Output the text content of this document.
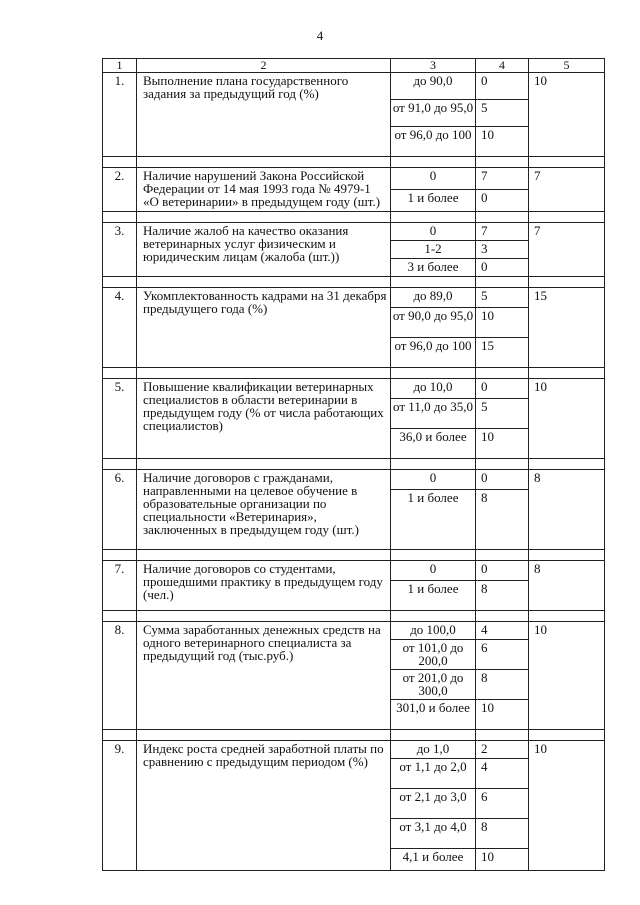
4
1	2	3	4	5
1.	Выполнение плана государственного задания за предыдущий год (%)	до 90,0	0	10
		от 91,0 до 95,0	5	
		от 96,0 до 100	10	

2.	Наличие нарушений Закона Российской Федерации от 14 мая 1993 года № 4979-1 «О ветеринарии» в предыдущем году (шт.)	0	7	7
		1 и более	0	

3.	Наличие жалоб на качество оказания ветеринарных услуг физическим и юридическим лицам (жалоба (шт.))	0	7	7
		1-2	3	
		3 и более	0	

4.	Укомплектованность кадрами на 31 декабря предыдущего года (%)	до 89,0	5	15
		от 90,0 до 95,0	10	
		от 96,0 до 100	15	

5.	Повышение квалификации ветеринарных специалистов в области ветеринарии в предыдущем году (% от числа работающих специалистов)	до 10,0	0	10
		от 11,0 до 35,0	5	
		36,0 и более	10	

6.	Наличие договоров с гражданами, направленными на целевое обучение в образовательные организации по специальности «Ветеринария», заключенных в предыдущем году (шт.)	0	0	8
		1 и более	8	

7.	Наличие договоров со студентами, прошедшими практику в предыдущем году (чел.)	0	0	8
		1 и более	8	

8.	Сумма заработанных денежных средств на одного ветеринарного специалиста за предыдущий год (тыс.руб.)	до 100,0	4	10
		от 101,0 до 200,0	6	
		от 201,0 до 300,0	8	
		301,0 и более	10	

9.	Индекс роста средней заработной платы по сравнению с предыдущим периодом (%)	до 1,0	2	10
		от 1,1 до 2,0	4	
		от 2,1 до 3,0	6	
		от 3,1 до 4,0	8	
		4,1 и более	10	
